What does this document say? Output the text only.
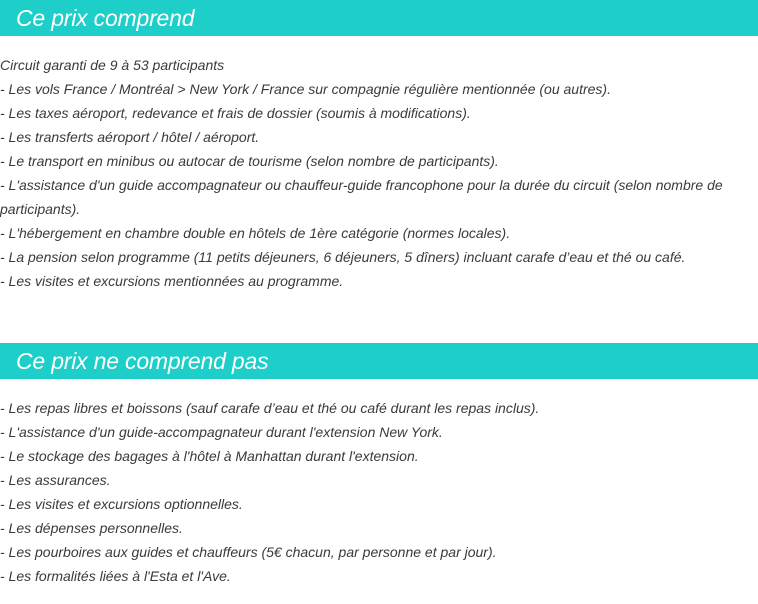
Ce prix comprend
Circuit garanti de 9 à 53 participants
- Les vols France / Montréal > New York / France sur compagnie régulière mentionnée (ou autres).
- Les taxes aéroport, redevance et frais de dossier (soumis à modifications).
- Les transferts aéroport / hôtel / aéroport.
- Le transport en minibus ou autocar de tourisme (selon nombre de participants).
- L'assistance d'un guide accompagnateur ou chauffeur-guide francophone pour la durée du circuit (selon nombre de participants).
- L'hébergement en chambre double en hôtels de 1ère catégorie (normes locales).
- La pension selon programme (11 petits déjeuners, 6 déjeuners, 5 dîners) incluant carafe d’eau et thé ou café.
- Les visites et excursions mentionnées au programme.
Ce prix ne comprend pas
- Les repas libres et boissons (sauf carafe d’eau et thé ou café durant les repas inclus).
- L'assistance d'un guide-accompagnateur durant l'extension New York.
- Le stockage des bagages à l'hôtel à Manhattan durant l'extension.
- Les assurances.
- Les visites et excursions optionnelles.
- Les dépenses personnelles.
- Les pourboires aux guides et chauffeurs (5€ chacun, par personne et par jour).
- Les formalités liées à l'Esta et l'Ave.
